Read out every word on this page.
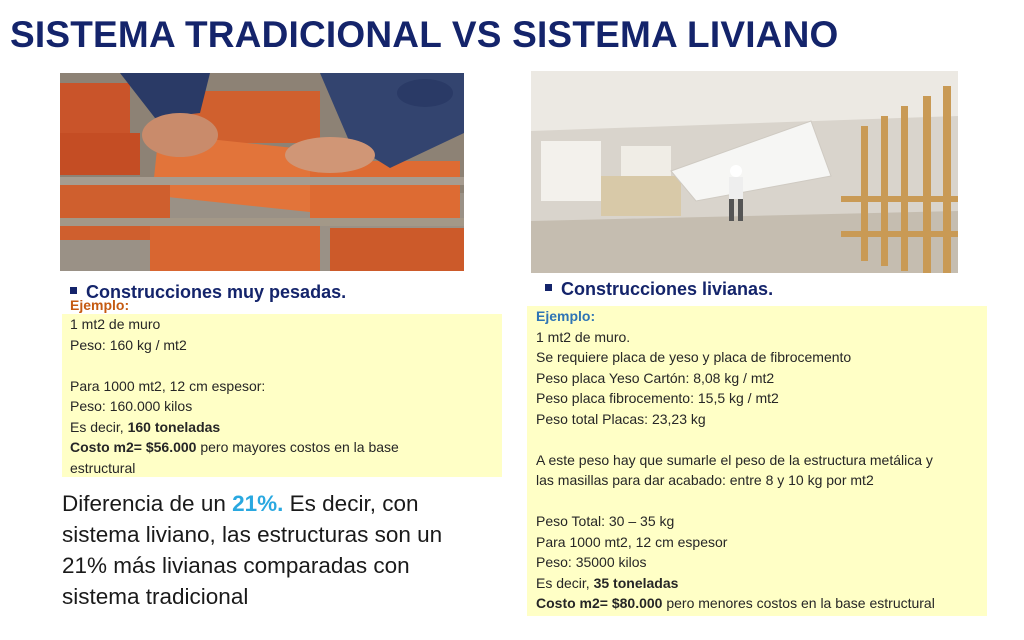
SISTEMA TRADICIONAL VS SISTEMA LIVIANO
Construcciones muy pesadas.	Construcciones livianas.
Ejemplo:
1 mt2 de muro
Peso: 160 kg / mt2
Para 1000 mt2, 12 cm espesor:
Peso: 160.000 kilos
Es decir, 160 toneladas
Costo m2= $56.000 pero mayores costos en la base
estructural
Ejemplo:
1 mt2 de muro.
Se requiere placa de yeso y placa de fibrocemento
Peso placa Yeso Cartón: 8,08 kg / mt2
Peso placa fibrocemento: 15,5 kg / mt2
Peso total Placas: 23,23 kg
A este peso hay que sumarle el peso de la estructura metálica y
las masillas para dar acabado: entre 8 y 10 kg por mt2
Peso Total: 30 – 35 kg
Para 1000 mt2, 12 cm espesor
Peso: 35000 kilos
Es decir, 35 toneladas
Costo m2= $80.000 pero menores costos en la base estructural
Diferencia de un 21%. Es decir, con sistema liviano, las estructuras son un 21% más livianas comparadas con sistema tradicional
